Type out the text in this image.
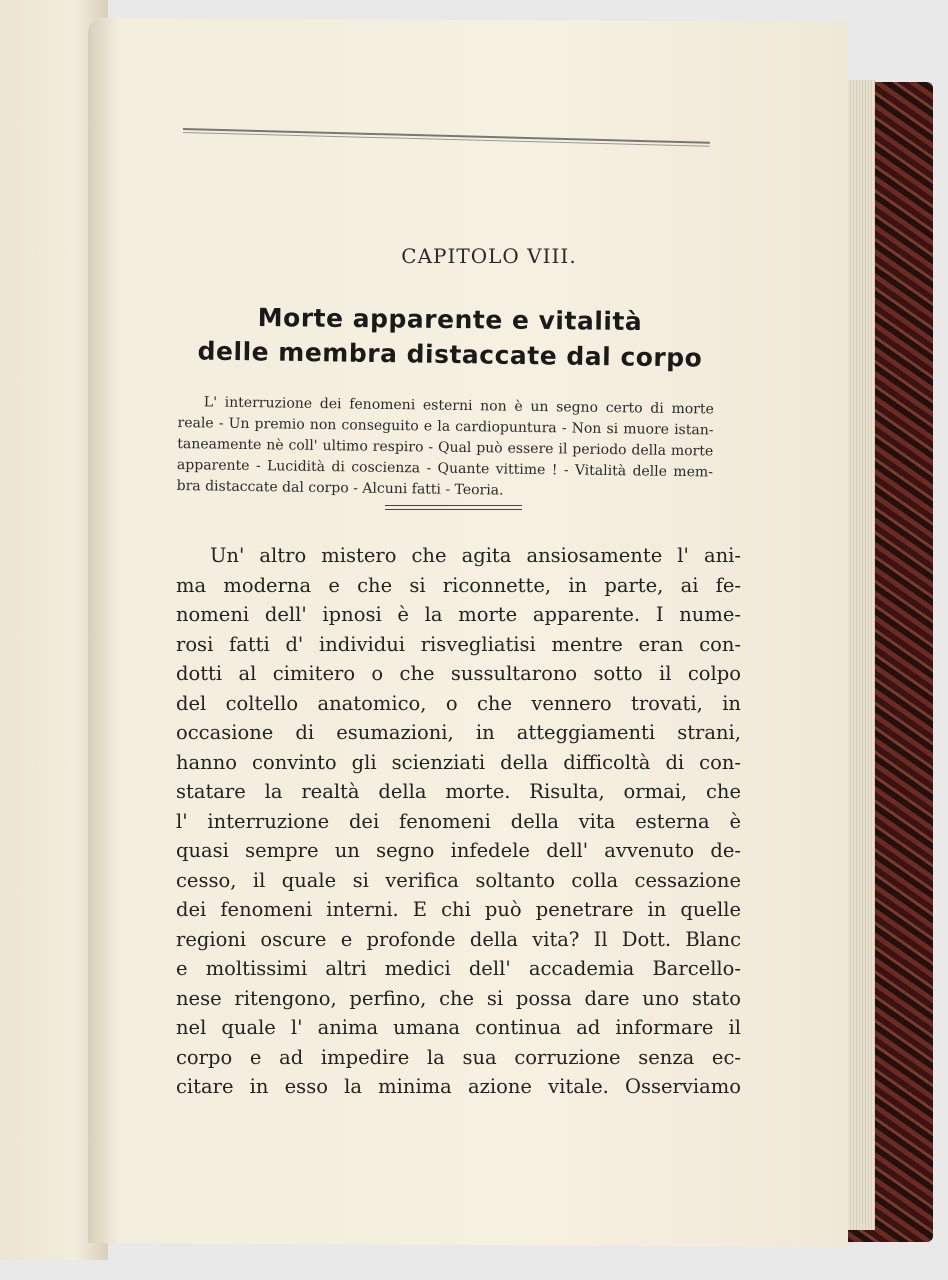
CAPITOLO VIII.
Morte apparente e vitalità
delle membra distaccate dal corpo
L' interruzione dei fenomeni esterni non è un segno certo di morte
reale - Un premio non conseguito e la cardiopuntura - Non si muore istan-
taneamente nè coll' ultimo respiro - Qual può essere il periodo della morte
apparente - Lucidità di coscienza - Quante vittime ! - Vitalità delle mem-
bra distaccate dal corpo - Alcuni fatti - Teoria.
Un' altro mistero che agita ansiosamente l' ani-
ma moderna e che si riconnette, in parte, ai fe-
nomeni dell' ipnosi è la morte apparente. I nume-
rosi fatti d' individui risvegliatisi mentre eran con-
dotti al cimitero o che sussultarono sotto il colpo
del coltello anatomico, o che vennero trovati, in
occasione di esumazioni, in atteggiamenti strani,
hanno convinto gli scienziati della difficoltà di con-
statare la realtà della morte. Risulta, ormai, che
l' interruzione dei fenomeni della vita esterna è
quasi sempre un segno infedele dell' avvenuto de-
cesso, il quale si verifica soltanto colla cessazione
dei fenomeni interni. E chi può penetrare in quelle
regioni oscure e profonde della vita? Il Dott. Blanc
e moltissimi altri medici dell' accademia Barcello-
nese ritengono, perfino, che si possa dare uno stato
nel quale l' anima umana continua ad informare il
corpo e ad impedire la sua corruzione senza ec-
citare in esso la minima azione vitale. Osserviamo
